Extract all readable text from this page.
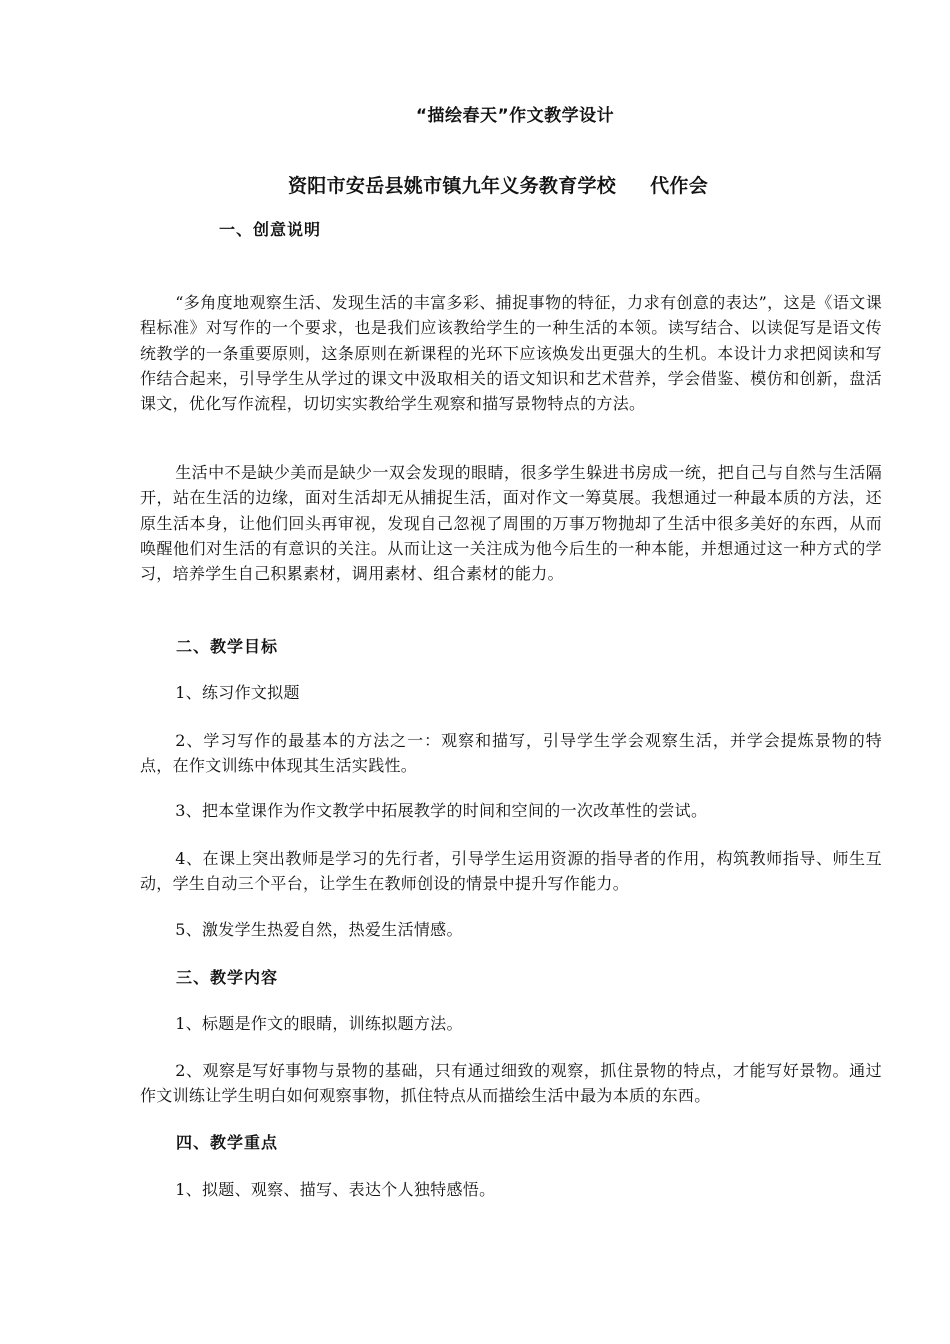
“描绘春天”作文教学设计
资阳市安岳县姚市镇九年义务教育学校 代作会
一、创意说明
“多角度地观察生活、发现生活的丰富多彩、捕捉事物的特征，力求有创意的表达”，这是《语文课程标准》对写作的一个要求，也是我们应该教给学生的一种生活的本领。读写结合、以读促写是语文传统教学的一条重要原则，这条原则在新课程的光环下应该焕发出更强大的生机。本设计力求把阅读和写作结合起来，引导学生从学过的课文中汲取相关的语文知识和艺术营养，学会借鉴、模仿和创新，盘活课文，优化写作流程，切切实实教给学生观察和描写景物特点的方法。
生活中不是缺少美而是缺少一双会发现的眼睛，很多学生躲进书房成一统，把自己与自然与生活隔开，站在生活的边缘，面对生活却无从捕捉生活，面对作文一筹莫展。我想通过一种最本质的方法，还原生活本身，让他们回头再审视，发现自己忽视了周围的万事万物抛却了生活中很多美好的东西，从而唤醒他们对生活的有意识的关注。从而让这一关注成为他今后生的一种本能，并想通过这一种方式的学习，培养学生自己积累素材，调用素材、组合素材的能力。
二、教学目标
1、练习作文拟题
2、学习写作的最基本的方法之一：观察和描写，引导学生学会观察生活，并学会提炼景物的特点，在作文训练中体现其生活实践性。
3、把本堂课作为作文教学中拓展教学的时间和空间的一次改革性的尝试。
4、在课上突出教师是学习的先行者，引导学生运用资源的指导者的作用，构筑教师指导、师生互动，学生自动三个平台，让学生在教师创设的情景中提升写作能力。
5、激发学生热爱自然，热爱生活情感。
三、教学内容
1、标题是作文的眼睛，训练拟题方法。
2、观察是写好事物与景物的基础，只有通过细致的观察，抓住景物的特点，才能写好景物。通过作文训练让学生明白如何观察事物，抓住特点从而描绘生活中最为本质的东西。
四、教学重点
1、拟题、观察、描写、表达个人独特感悟。
